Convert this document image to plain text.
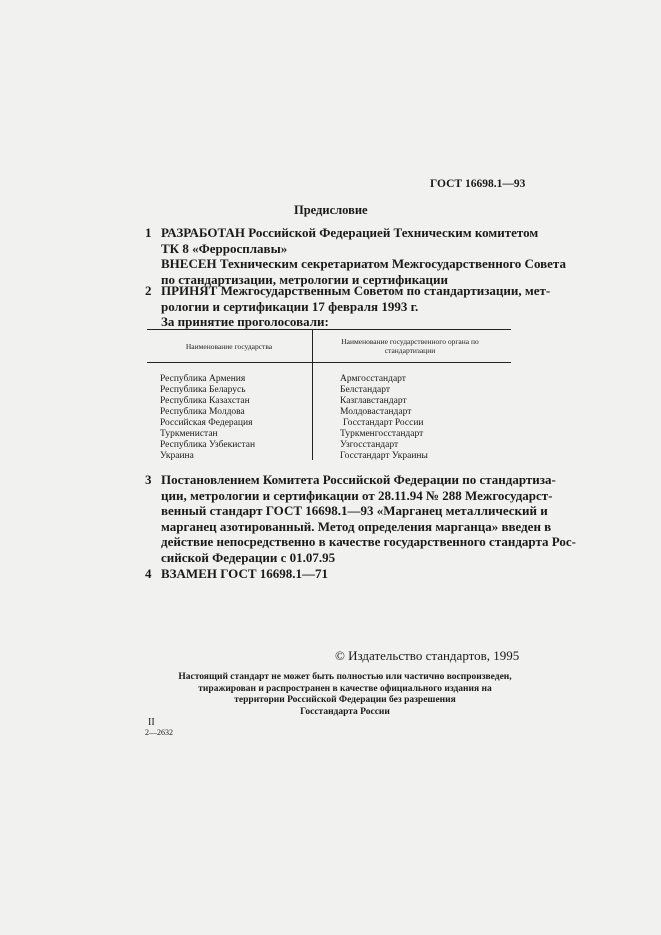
ГОСТ 16698.1—93
Предисловие
1 РАЗРАБОТАН Российской Федерацией Техническим комитетом
ТК 8 «Ферросплавы»
ВНЕСЕН Техническим секретариатом Межгосударственного Совета
по стандартизации, метрологии и сертификации
2 ПРИНЯТ Межгосударственным Советом по стандартизации, мет-
рологии и сертификации 17 февраля 1993 г.
За принятие проголосовали:
Наименование государства
Наименование государственного органа по стандартизации
Республика Армения
Республика Беларусь
Республика Казахстан
Республика Молдова
Российская Федерация
Туркменистан
Республика Узбекистан
Украина
Армгосстандарт
Белстандарт
Казглавстандарт
Молдовастандарт
Госстандарт России
Туркменгосстандарт
Узгосстандарт
Госстандарт Украины
3 Постановлением Комитета Российской Федерации по стандартиза-
ции, метрологии и сертификации от 28.11.94 № 288 Межгосударст-
венный стандарт ГОСТ 16698.1—93 «Марганец металлический и
марганец азотированный. Метод определения марганца» введен в
действие непосредственно в качестве государственного стандарта Рос-
сийской Федерации с 01.07.95
4 ВЗАМЕН ГОСТ 16698.1—71
© Издательство стандартов, 1995
Настоящий стандарт не может быть полностью или частично воспроизведен,
тиражирован и распространен в качестве официального издания на
территории Российской Федерации без разрешения
Госстандарта России
II
2—2632
